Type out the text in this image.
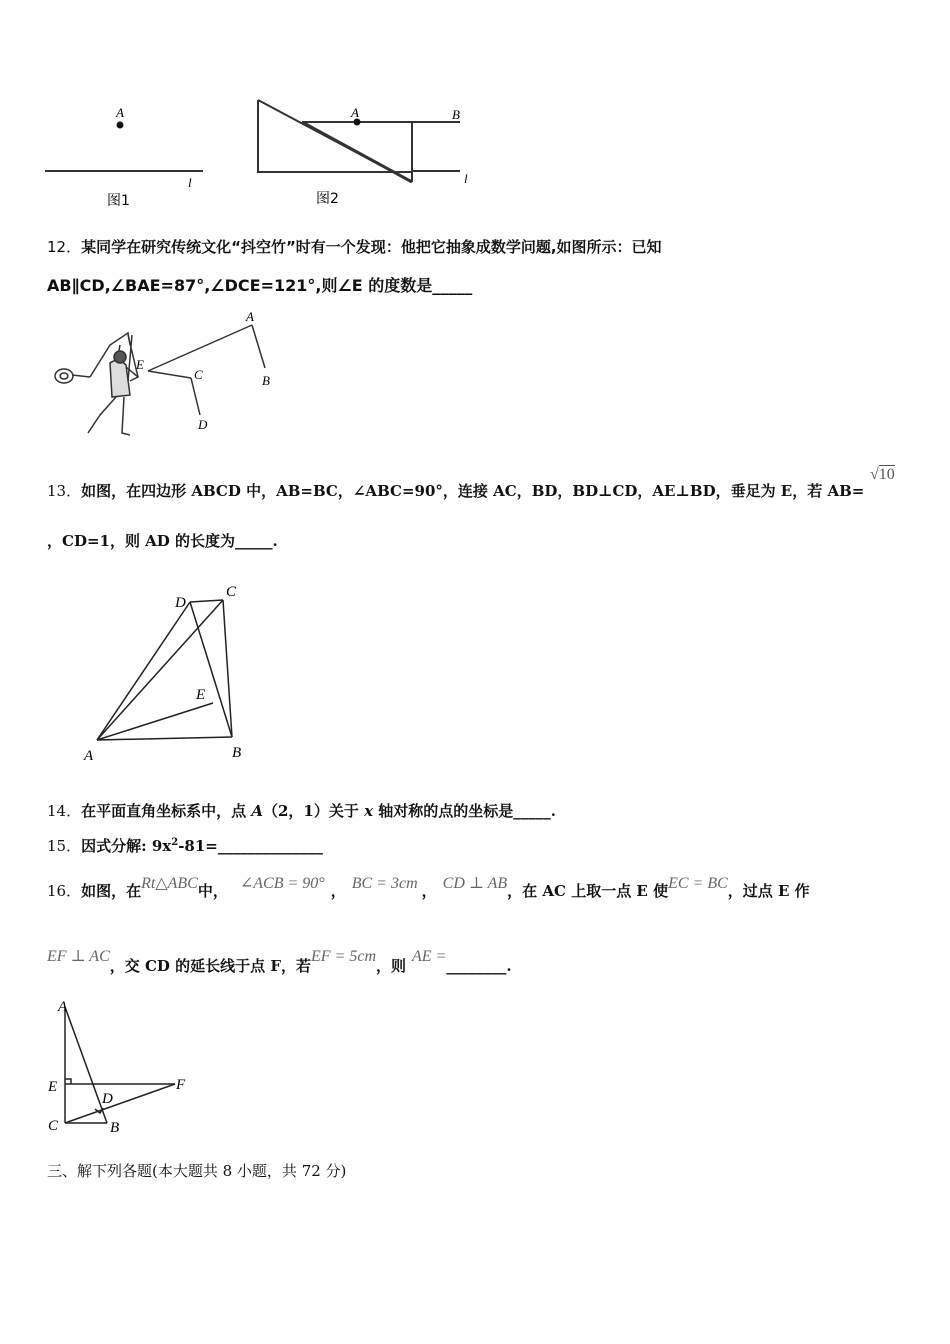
A
l
图1
A	B
l
图2
12．某同学在研究传统文化“抖空竹”时有一个发现：他把它抽象成数学问题,如图所示：已知
AB∥CD,∠BAE=87°,∠DCE=121°,则∠E 的度数是_____
A
B
C
D
E
13．如图，在四边形 ABCD 中，AB=BC，∠ABC=90°，连接 AC，BD，BD⊥CD，AE⊥BD，垂足为 E，若 AB=
√10
，CD=1，则 AD 的长度为_____.
A	B
C
D
E
14．在平面直角坐标系中，点 A（2，1）关于 x 轴对称的点的坐标是_____.
15．因式分解: $9x^2-81=\_\_\_\_\_\_\_\_\_\_\_\_\_\_$
16．如图，在Rt△ABC中， ∠ACB = 90° ， BC = 3cm ， CD ⊥ AB，在 AC 上取一点 E 使EC = BC，过点 E 作
EF ⊥ AC，交 CD 的延长线于点 F，若EF = 5cm，则AE =________.
A
B
C
D
E	F
三、解下列各题(本大题共 8 小题，共 72 分)
